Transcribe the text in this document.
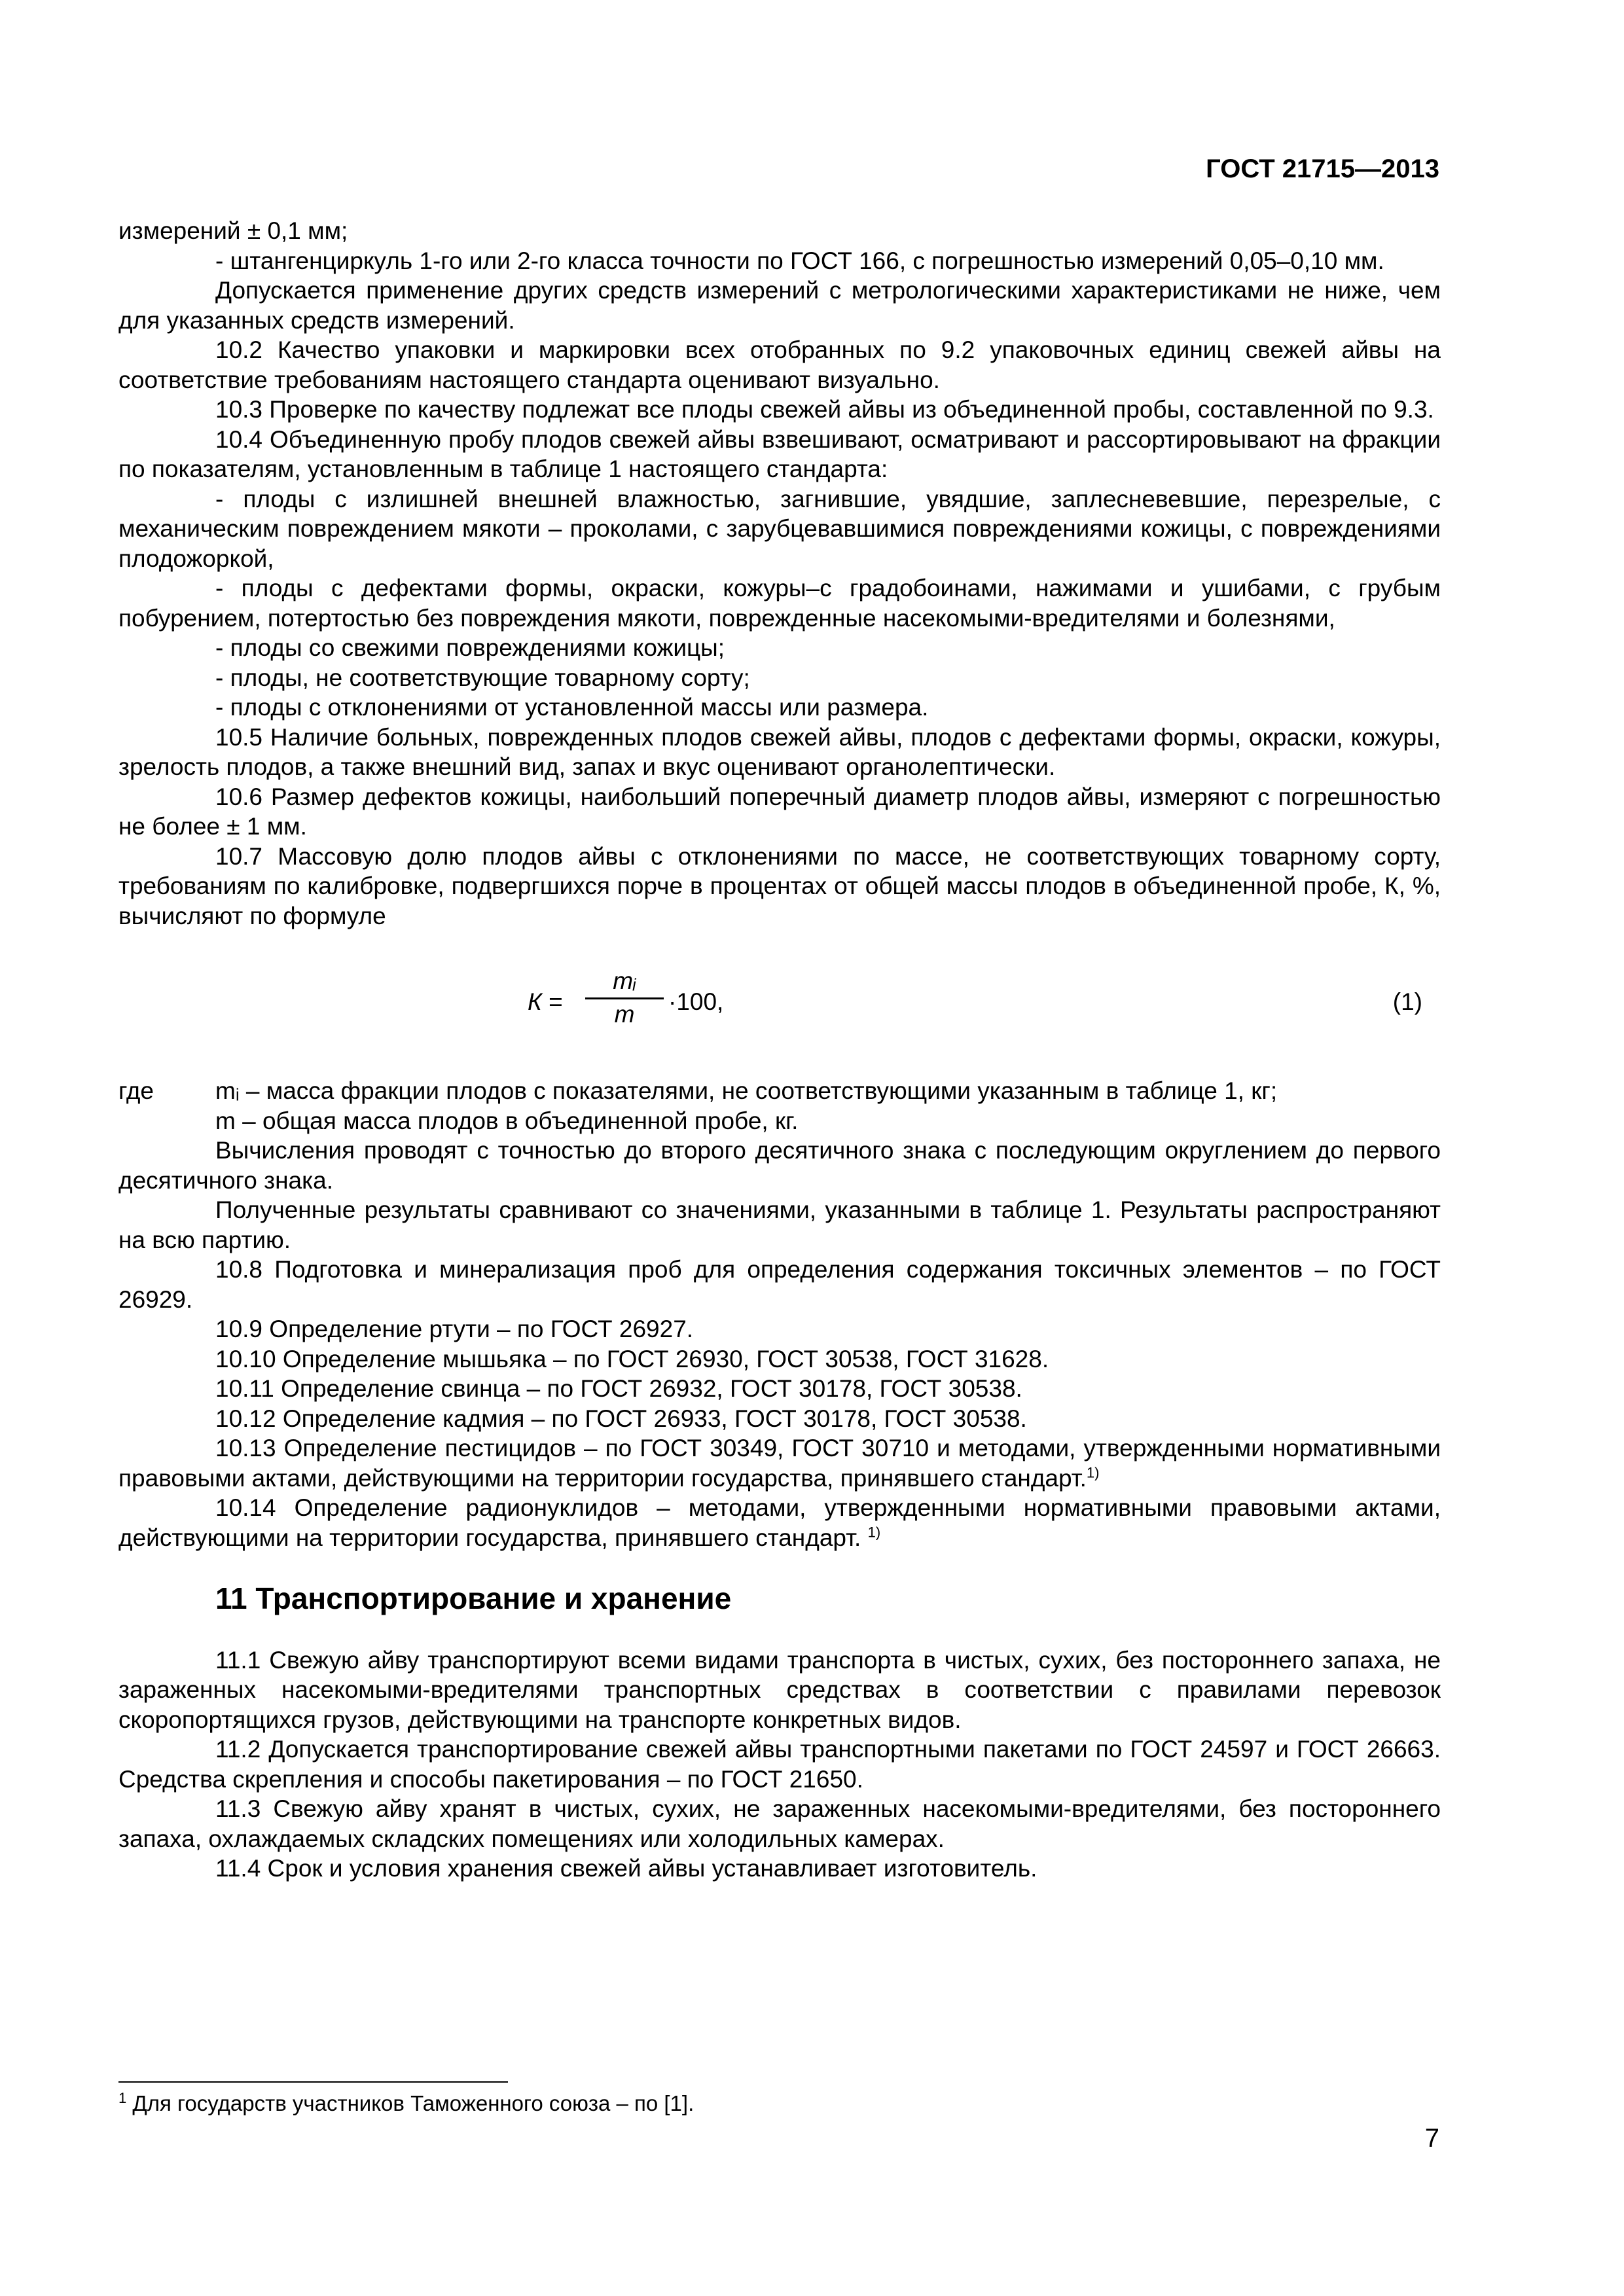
ГОСТ 21715—2013

измерений ± 0,1 мм;

- штангенциркуль 1-го или 2-го класса точности по ГОСТ 166, с погрешностью измерений 0,05–0,10 мм.

Допускается применение других средств измерений с метрологическими характеристиками не ниже, чем для указанных средств измерений.

10.2 Качество упаковки и маркировки всех отобранных по 9.2 упаковочных единиц свежей айвы на соответствие требованиям настоящего стандарта оценивают визуально.

10.3 Проверке по качеству подлежат все плоды свежей айвы из объединенной пробы, составленной по 9.3.

10.4 Объединенную пробу плодов свежей айвы взвешивают, осматривают и рассортировывают на фракции по показателям, установленным в таблице 1 настоящего стандарта:

- плоды с излишней внешней влажностью, загнившие, увядшие, заплесневевшие, перезрелые, с механическим повреждением мякоти – проколами, с зарубцевавшимися повреждениями кожицы, с повреждениями плодожоркой,

- плоды с дефектами формы, окраски, кожуры–с градобоинами, нажимами и ушибами, с грубым побурением, потертостью без повреждения мякоти, поврежденные насекомыми-вредителями и болезнями,

- плоды со свежими повреждениями кожицы;

- плоды, не соответствующие товарному сорту;

- плоды с отклонениями от установленной массы или размера.

10.5 Наличие больных, поврежденных плодов свежей айвы, плодов с дефектами формы, окраски, кожуры, зрелость плодов, а также внешний вид, запах и вкус оценивают органолептически.

10.6 Размер дефектов кожицы, наибольший поперечный диаметр плодов айвы, измеряют с погрешностью не более ± 1 мм.

10.7 Массовую долю плодов айвы с отклонениями по массе, не соответствующих товарному сорту, требованиям по калибровке, подвергшихся порче в процентах от общей массы плодов в объединенной пробе, К, %, вычисляют по формуле

К =
mᵢ
m	·100,	(1)
где	mᵢ – масса фракции плодов с показателями, не соответствующими указанным в таблице 1, кг;

m – общая масса плодов в объединенной пробе, кг.

Вычисления проводят с точностью до второго десятичного знака с последующим округлением до первого десятичного знака.

Полученные результаты сравнивают со значениями, указанными в таблице 1. Результаты распространяют на всю партию.

10.8 Подготовка и минерализация проб для определения содержания токсичных элементов – по ГОСТ 26929.

10.9 Определение ртути – по ГОСТ 26927.

10.10 Определение мышьяка – по ГОСТ 26930, ГОСТ 30538, ГОСТ 31628.

10.11 Определение свинца – по ГОСТ 26932, ГОСТ 30178, ГОСТ 30538.

10.12 Определение кадмия – по ГОСТ 26933, ГОСТ 30178, ГОСТ 30538.

10.13 Определение пестицидов – по ГОСТ 30349, ГОСТ 30710 и методами, утвержденными нормативными правовыми актами, действующими на территории государства, принявшего стандарт.$^{1)}$

10.14 Определение радионуклидов – методами, утвержденными нормативными правовыми актами, действующими на территории государства, принявшего стандарт. $^{1)}$

11 Транспортирование и хранение

11.1 Свежую айву транспортируют всеми видами транспорта в чистых, сухих, без постороннего запаха, не зараженных насекомыми-вредителями транспортных средствах в соответствии с правилами перевозок скоропортящихся грузов, действующими на транспорте конкретных видов.

11.2 Допускается транспортирование свежей айвы транспортными пакетами по ГОСТ 24597 и ГОСТ 26663. Средства скрепления и способы пакетирования – по ГОСТ 21650.

11.3 Свежую айву хранят в чистых, сухих, не зараженных насекомыми-вредителями, без постороннего запаха, охлаждаемых складских помещениях или холодильных камерах.

11.4 Срок и условия хранения свежей айвы устанавливает изготовитель.

$^1$ Для государств участников Таможенного союза – по [1].
7
